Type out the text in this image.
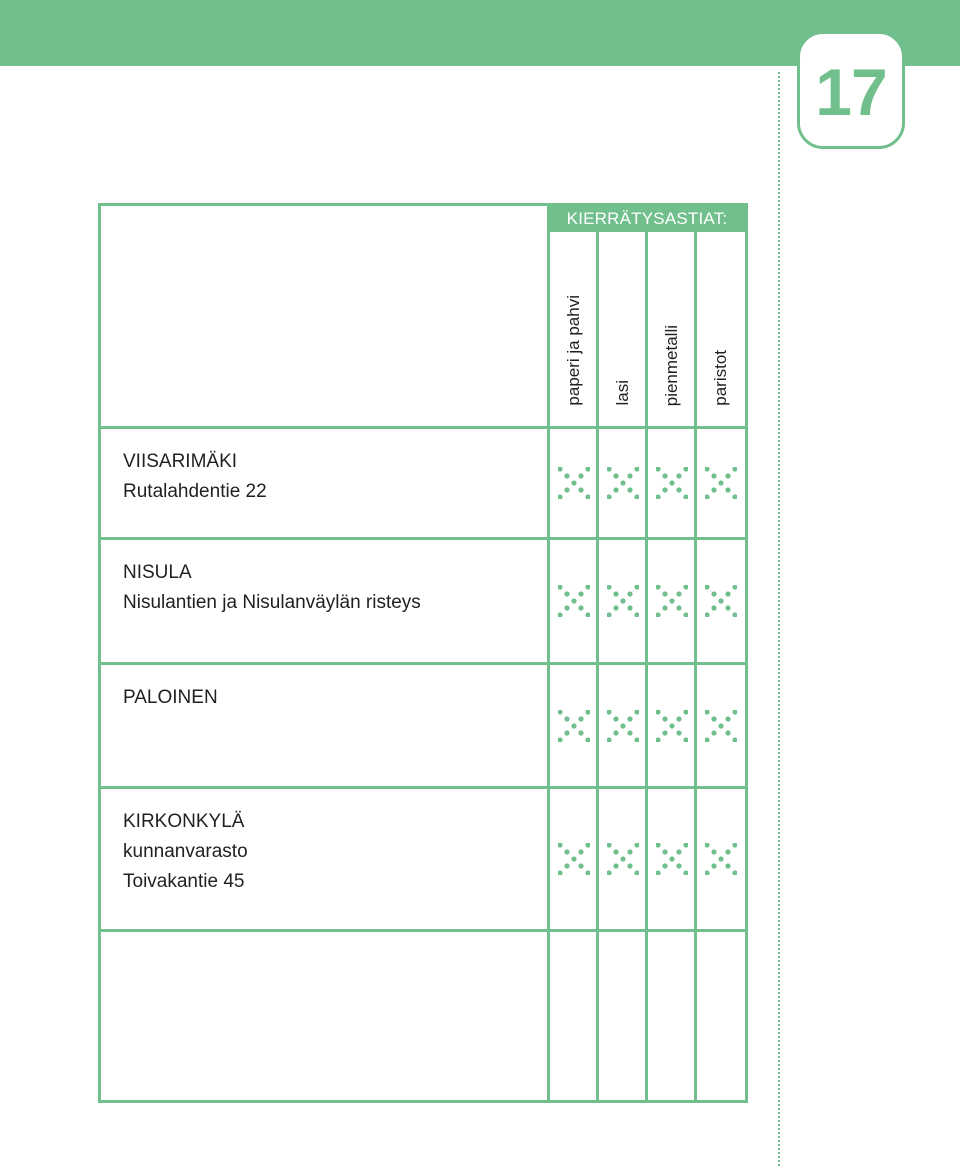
17
KIERRÄTYSASTIAT:
paperi ja pahvi lasi pienmetalli paristot
VIISARIMÄKI
Rutalahdentie 22
NISULA
Nisulantien ja Nisulanväylän risteys
PALOINEN
KIRKONKYLÄ
kunnanvarasto
Toivakantie 45
